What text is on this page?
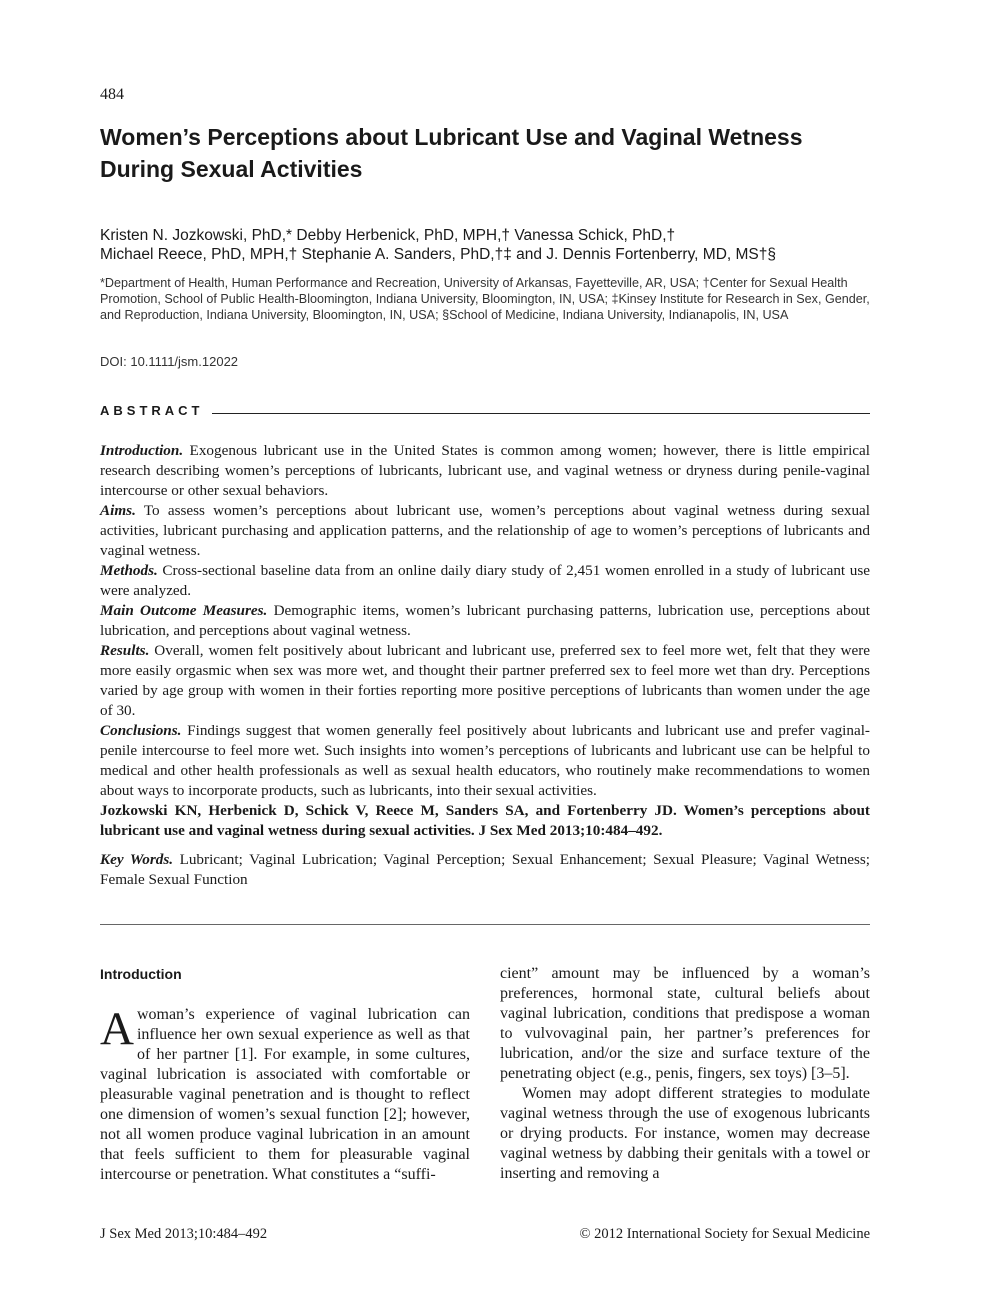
484
Women’s Perceptions about Lubricant Use and Vaginal Wetness
During Sexual Activities
Kristen N. Jozkowski, PhD,* Debby Herbenick, PhD, MPH,† Vanessa Schick, PhD,†
Michael Reece, PhD, MPH,† Stephanie A. Sanders, PhD,†‡ and J. Dennis Fortenberry, MD, MS†§
*Department of Health, Human Performance and Recreation, University of Arkansas, Fayetteville, AR, USA; †Center for Sexual Health Promotion, School of Public Health-Bloomington, Indiana University, Bloomington, IN, USA; ‡Kinsey Institute for Research in Sex, Gender, and Reproduction, Indiana University, Bloomington, IN, USA; §School of Medicine, Indiana University, Indianapolis, IN, USA
DOI: 10.1111/jsm.12022
ABSTRACT

Introduction. Exogenous lubricant use in the United States is common among women; however, there is little empirical research describing women’s perceptions of lubricants, lubricant use, and vaginal wetness or dryness during penile-vaginal intercourse or other sexual behaviors.

Aims. To assess women’s perceptions about lubricant use, women’s perceptions about vaginal wetness during sexual activities, lubricant purchasing and application patterns, and the relationship of age to women’s perceptions of lubricants and vaginal wetness.

Methods. Cross-sectional baseline data from an online daily diary study of 2,451 women enrolled in a study of lubricant use were analyzed.

Main Outcome Measures. Demographic items, women’s lubricant purchasing patterns, lubrication use, perceptions about lubrication, and perceptions about vaginal wetness.

Results. Overall, women felt positively about lubricant and lubricant use, preferred sex to feel more wet, felt that they were more easily orgasmic when sex was more wet, and thought their partner preferred sex to feel more wet than dry. Perceptions varied by age group with women in their forties reporting more positive perceptions of lubricants than women under the age of 30.

Conclusions. Findings suggest that women generally feel positively about lubricants and lubricant use and prefer vaginal-penile intercourse to feel more wet. Such insights into women’s perceptions of lubricants and lubricant use can be helpful to medical and other health professionals as well as sexual health educators, who routinely make recommendations to women about ways to incorporate products, such as lubricants, into their sexual activities.

Jozkowski KN, Herbenick D, Schick V, Reece M, Sanders SA, and Fortenberry JD. Women’s perceptions about lubricant use and vaginal wetness during sexual activities. J Sex Med 2013;10:484–492.

Key Words. Lubricant; Vaginal Lubrication; Vaginal Perception; Sexual Enhancement; Sexual Pleasure; Vaginal Wetness; Female Sexual Function

Introduction

A woman’s experience of vaginal lubrication can influence her own sexual experience as well as that of her partner [1]. For example, in some cultures, vaginal lubrication is associated with comfortable or pleasurable vaginal penetration and is thought to reflect one dimension of women’s sexual function [2]; however, not all women produce vaginal lubrication in an amount that feels sufficient to them for pleasurable vaginal intercourse or penetration. What constitutes a “suffi-

cient” amount may be influenced by a woman’s preferences, hormonal state, cultural beliefs about vaginal lubrication, conditions that predispose a woman to vulvovaginal pain, her partner’s preferences for lubrication, and/or the size and surface texture of the penetrating object (e.g., penis, fingers, sex toys) [3–5].

Women may adopt different strategies to modulate vaginal wetness through the use of exogenous lubricants or drying products. For instance, women may decrease vaginal wetness by dabbing their genitals with a towel or inserting and removing a

J Sex Med 2013;10:484–492	© 2012 International Society for Sexual Medicine
